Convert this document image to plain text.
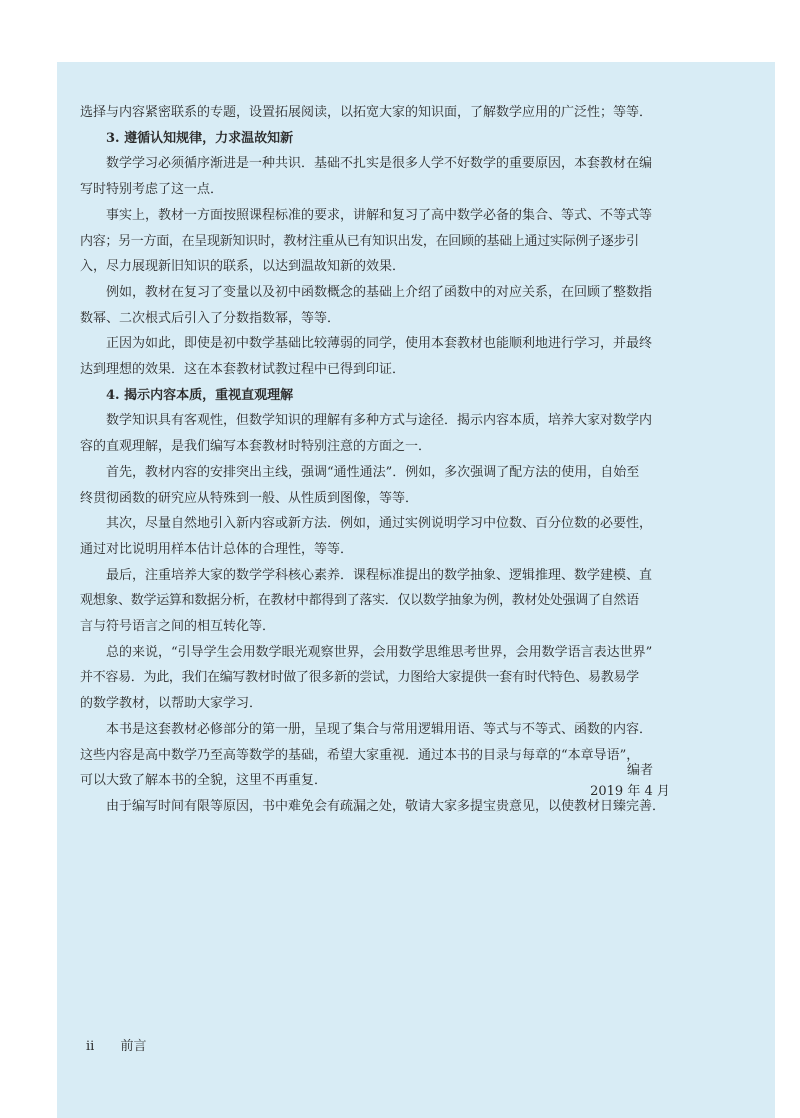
选择与内容紧密联系的专题，设置拓展阅读，以拓宽大家的知识面，了解数学应用的广泛性；等等．
3. 遵循认知规律，力求温故知新
数学学习必须循序渐进是一种共识．基础不扎实是很多人学不好数学的重要原因，本套教材在编
写时特别考虑了这一点．
事实上，教材一方面按照课程标准的要求，讲解和复习了高中数学必备的集合、等式、不等式等
内容；另一方面，在呈现新知识时，教材注重从已有知识出发，在回顾的基础上通过实际例子逐步引
入，尽力展现新旧知识的联系，以达到温故知新的效果．
例如，教材在复习了变量以及初中函数概念的基础上介绍了函数中的对应关系，在回顾了整数指
数幂、二次根式后引入了分数指数幂，等等．
正因为如此，即使是初中数学基础比较薄弱的同学，使用本套教材也能顺利地进行学习，并最终
达到理想的效果．这在本套教材试教过程中已得到印证．
4. 揭示内容本质，重视直观理解
数学知识具有客观性，但数学知识的理解有多种方式与途径．揭示内容本质，培养大家对数学内
容的直观理解，是我们编写本套教材时特别注意的方面之一．
首先，教材内容的安排突出主线，强调“通性通法”．例如，多次强调了配方法的使用，自始至
终贯彻函数的研究应从特殊到一般、从性质到图像，等等．
其次，尽量自然地引入新内容或新方法．例如，通过实例说明学习中位数、百分位数的必要性，
通过对比说明用样本估计总体的合理性，等等．
最后，注重培养大家的数学学科核心素养．课程标准提出的数学抽象、逻辑推理、数学建模、直
观想象、数学运算和数据分析，在教材中都得到了落实．仅以数学抽象为例，教材处处强调了自然语
言与符号语言之间的相互转化等．
总的来说，“引导学生会用数学眼光观察世界，会用数学思维思考世界，会用数学语言表达世界”
并不容易．为此，我们在编写教材时做了很多新的尝试，力图给大家提供一套有时代特色、易教易学
的数学教材，以帮助大家学习．
本书是这套教材必修部分的第一册，呈现了集合与常用逻辑用语、等式与不等式、函数的内容．
这些内容是高中数学乃至高等数学的基础，希望大家重视．通过本书的目录与每章的“本章导语”，
可以大致了解本书的全貌，这里不再重复．
由于编写时间有限等原因，书中难免会有疏漏之处，敬请大家多提宝贵意见，以使教材日臻完善．
编者
2019 年 4 月
ii 前言
